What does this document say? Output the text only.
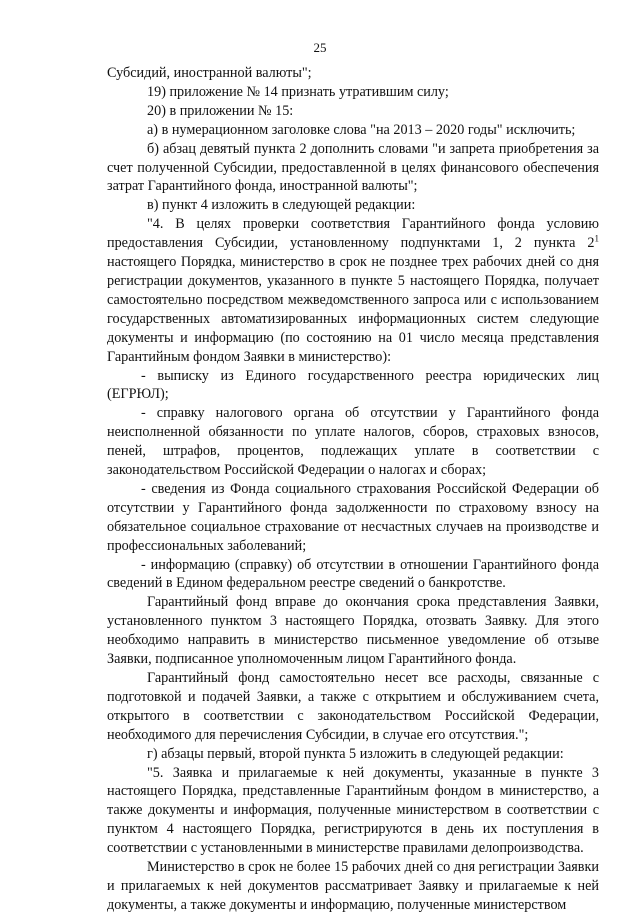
25

Субсидий, иностранной валюты";

19) приложение № 14 признать утратившим силу;

20) в приложении № 15:

а) в нумерационном заголовке слова "на 2013 – 2020 годы" исключить;

б) абзац девятый пункта 2 дополнить словами "и запрета приобретения за счет полученной Субсидии, предоставленной в целях финансового обеспечения затрат Гарантийного фонда, иностранной валюты";

в) пункт 4 изложить в следующей редакции:

"4. В целях проверки соответствия Гарантийного фонда условию предоставления Субсидии, установленному подпунктами 1, 2 пункта $2^1$ настоящего Порядка, министерство в срок не позднее трех рабочих дней со дня регистрации документов, указанного в пункте 5 настоящего Порядка, получает самостоятельно посредством межведомственного запроса или с использованием государственных автоматизированных информационных систем следующие документы и информацию (по состоянию на 01 число месяца представления Гарантийным фондом Заявки в министерство):

- выписку из Единого государственного реестра юридических лиц (ЕГРЮЛ);

- справку налогового органа об отсутствии у Гарантийного фонда неисполненной обязанности по уплате налогов, сборов, страховых взносов, пеней, штрафов, процентов, подлежащих уплате в соответствии с законодательством Российской Федерации о налогах и сборах;

- сведения из Фонда социального страхования Российской Федерации об отсутствии у Гарантийного фонда задолженности по страховому взносу на обязательное социальное страхование от несчастных случаев на производстве и профессиональных заболеваний;

- информацию (справку) об отсутствии в отношении Гарантийного фонда сведений в Едином федеральном реестре сведений о банкротстве.

Гарантийный фонд вправе до окончания срока представления Заявки, установленного пунктом 3 настоящего Порядка, отозвать Заявку. Для этого необходимо направить в министерство письменное уведомление об отзыве Заявки, подписанное уполномоченным лицом Гарантийного фонда.

Гарантийный фонд самостоятельно несет все расходы, связанные с подготовкой и подачей Заявки, а также с открытием и обслуживанием счета, открытого в соответствии с законодательством Российской Федерации, необходимого для перечисления Субсидии, в случае его отсутствия.";

г) абзацы первый, второй пункта 5 изложить в следующей редакции:

"5. Заявка и прилагаемые к ней документы, указанные в пункте 3 настоящего Порядка, представленные Гарантийным фондом в министерство, а также документы и информация, полученные министерством в соответствии с пунктом 4 настоящего Порядка, регистрируются в день их поступления в соответствии с установленными в министерстве правилами делопроизводства.

Министерство в срок не более 15 рабочих дней со дня регистрации Заявки и прилагаемых к ней документов рассматривает Заявку и прилагаемые к ней документы, а также документы и информацию, полученные министерством
